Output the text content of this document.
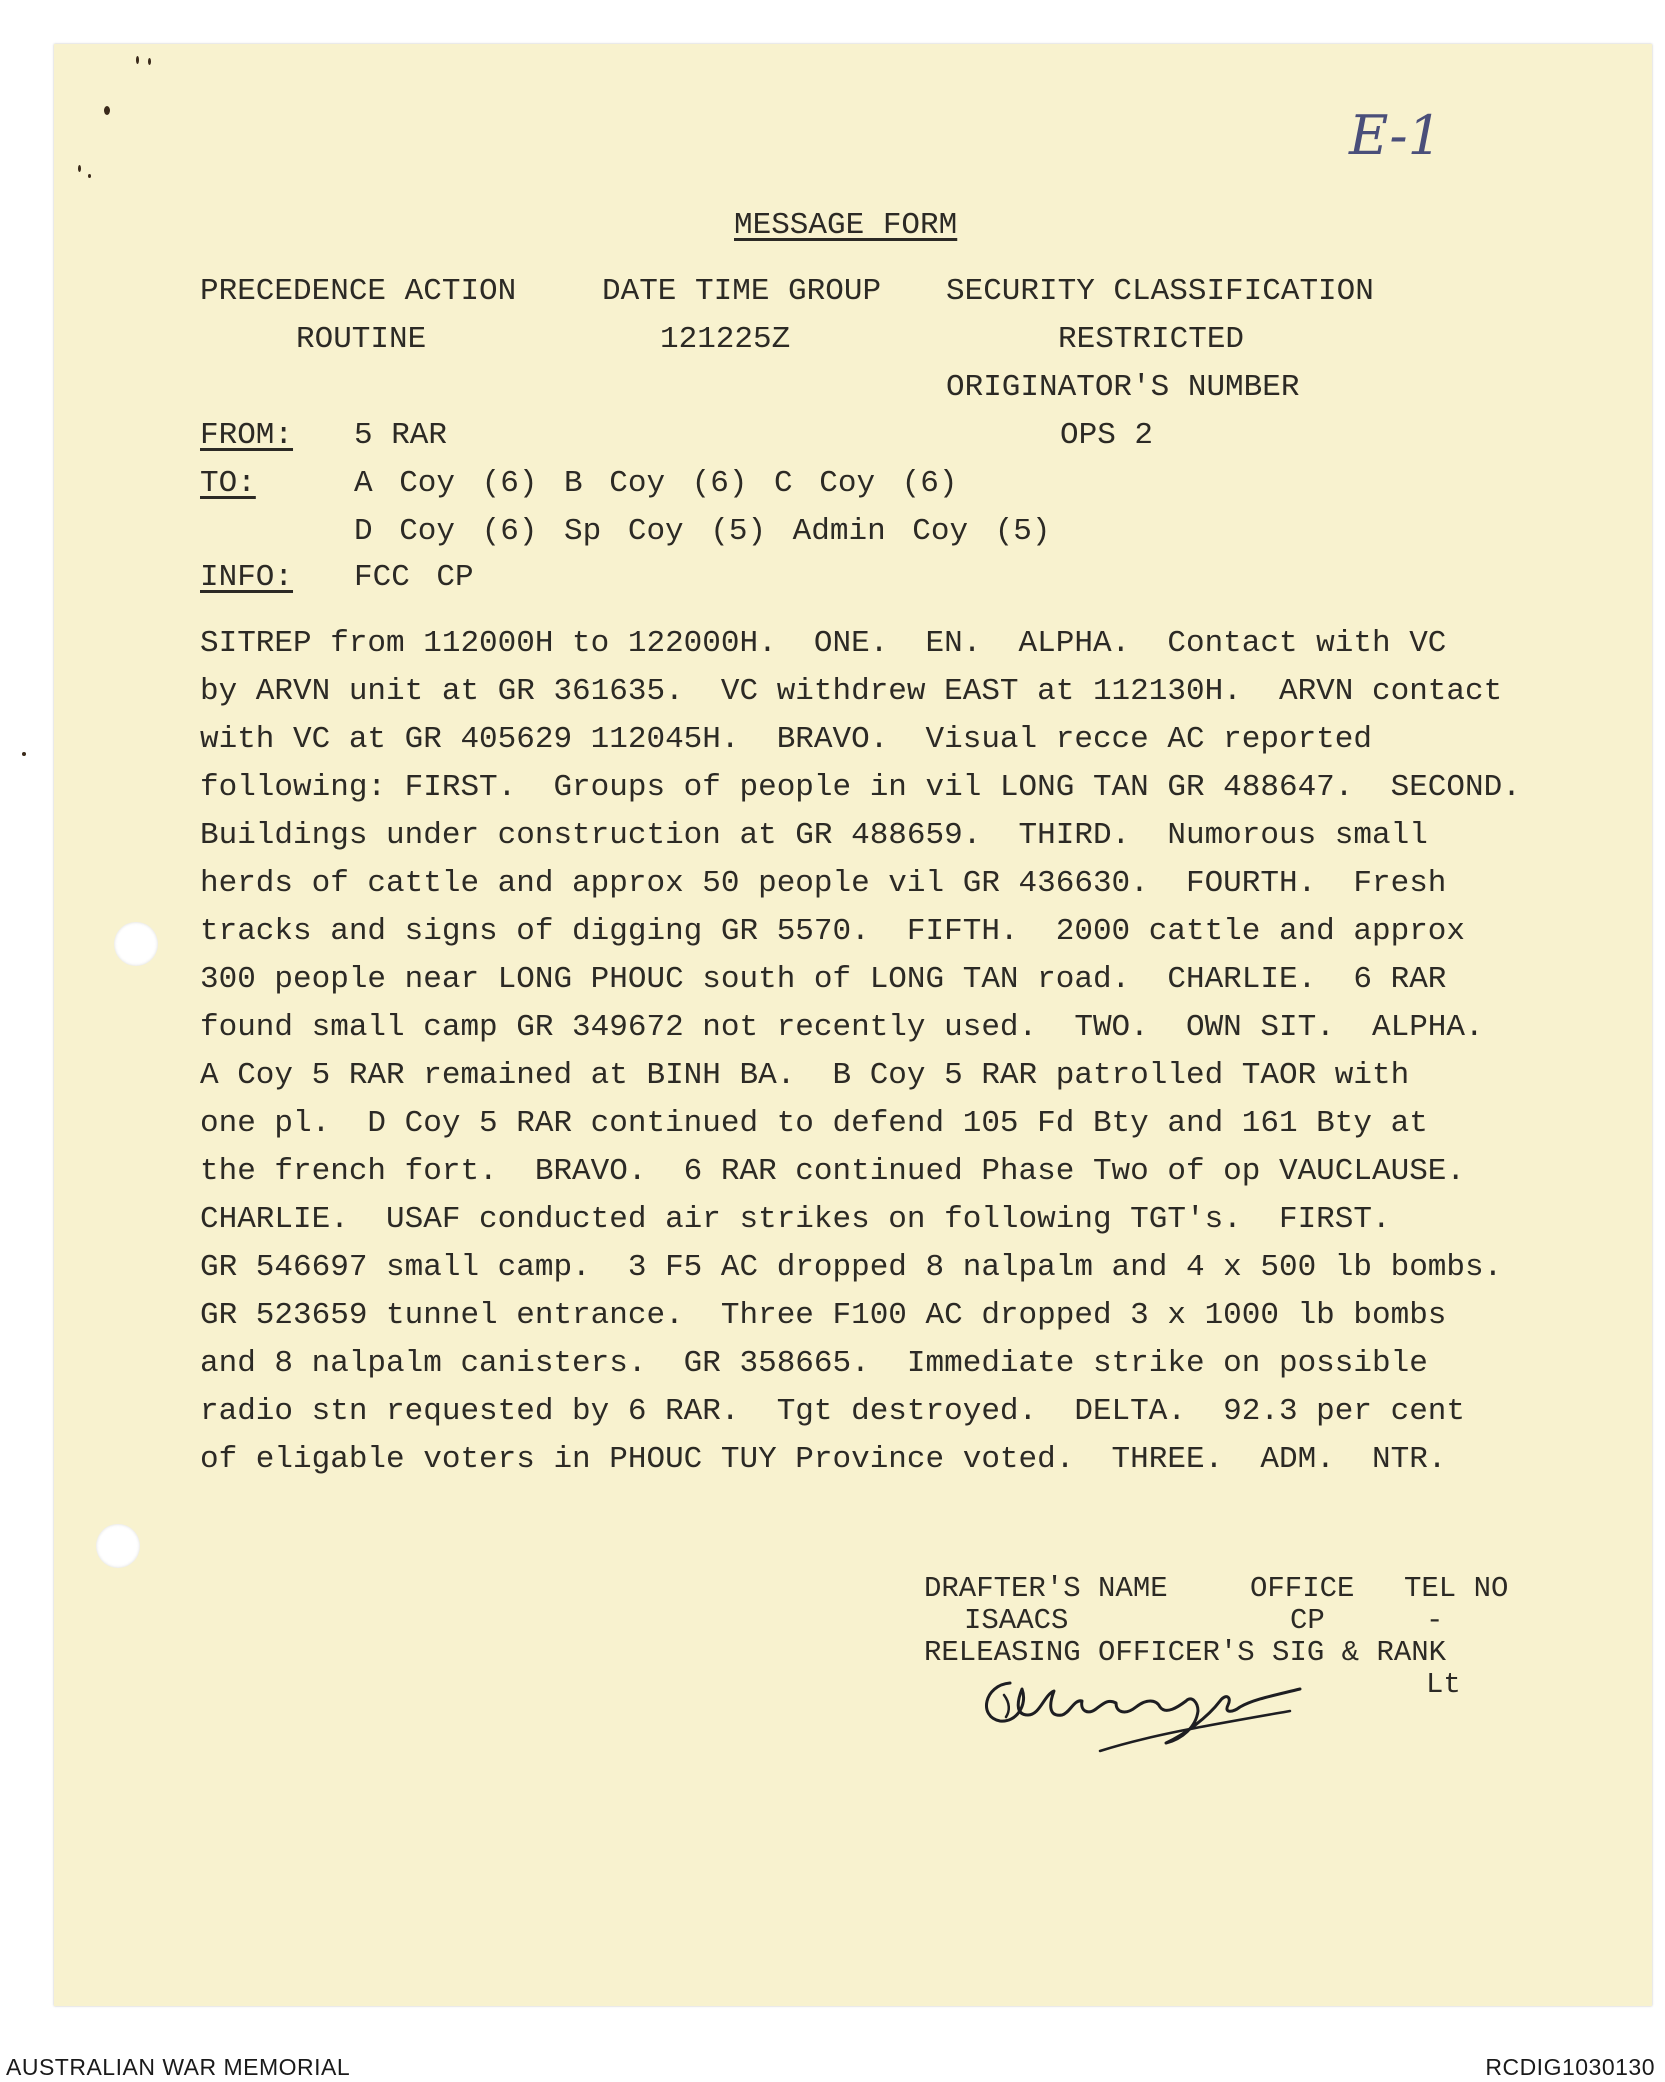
E-1
MESSAGE FORM
PRECEDENCE ACTION
ROUTINE
DATE TIME GROUP
121225Z
SECURITY CLASSIFICATION
RESTRICTED
ORIGINATOR'S NUMBER
OPS 2
FROM: 5 RAR
TO:	A Coy (6) B Coy (6) C Coy (6)
D Coy (6) Sp Coy (5) Admin Coy (5)
INFO: FCC CP
SITREP from 112000H to 122000H.  ONE.  EN.  ALPHA.  Contact with VC
by ARVN unit at GR 361635.  VC withdrew EAST at 112130H.  ARVN contact
with VC at GR 405629 112045H.  BRAVO.  Visual recce AC reported
following: FIRST.  Groups of people in vil LONG TAN GR 488647.  SECOND.
Buildings under construction at GR 488659.  THIRD.  Numorous small
herds of cattle and approx 50 people vil GR 436630.  FOURTH.  Fresh
tracks and signs of digging GR 5570.  FIFTH.  2000 cattle and approx
300 people near LONG PHOUC south of LONG TAN road.  CHARLIE.  6 RAR
found small camp GR 349672 not recently used.  TWO.  OWN SIT.  ALPHA.
A Coy 5 RAR remained at BINH BA.  B Coy 5 RAR patrolled TAOR with
one pl.  D Coy 5 RAR continued to defend 105 Fd Bty and 161 Bty at
the french fort.  BRAVO.  6 RAR continued Phase Two of op VAUCLAUSE.
CHARLIE.  USAF conducted air strikes on following TGT's.  FIRST.
GR 546697 small camp.  3 F5 AC dropped 8 nalpalm and 4 x 500 lb bombs.
GR 523659 tunnel entrance.  Three F100 AC dropped 3 x 1000 lb bombs
and 8 nalpalm canisters.  GR 358665.  Immediate strike on possible
radio stn requested by 6 RAR.  Tgt destroyed.  DELTA.  92.3 per cent
of eligable voters in PHOUC TUY Province voted.  THREE.  ADM.  NTR.
DRAFTER'S NAME
ISAACS
OFFICE
CP
TEL NO
-
RELEASING OFFICER'S SIG & RANK
Lt
AUSTRALIAN WAR MEMORIAL	RCDIG1030130
